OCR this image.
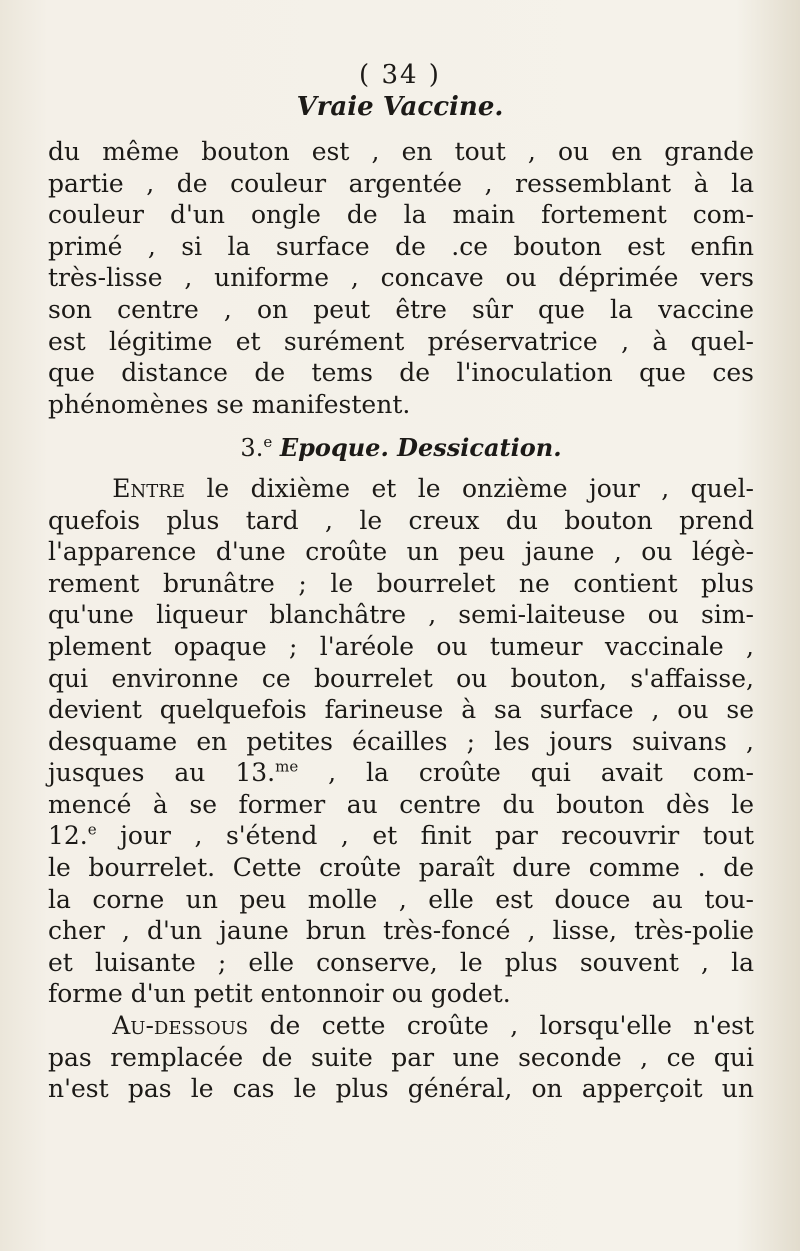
( 34 )
Vraie Vaccine.
du même bouton est , en tout , ou en grande
partie , de couleur argentée , ressemblant à la
couleur d'un ongle de la main fortement com-
primé , si la surface de .ce bouton est enfin
très-lisse , uniforme , concave ou déprimée vers
son centre , on peut être sûr que la vaccine
est légitime et surément préservatrice , à quel-
que distance de tems de l'inoculation que ces
phénomènes se manifestent.
3.$^e$ Epoque. Dessication.
Entre le dixième et le onzième jour , quel-
quefois plus tard , le creux du bouton prend
l'apparence d'une croûte un peu jaune , ou légè-
rement brunâtre ; le bourrelet ne contient plus
qu'une liqueur blanchâtre , semi-laiteuse ou sim-
plement opaque ; l'aréole ou tumeur vaccinale ,
qui environne ce bourrelet ou bouton, s'affaisse,
devient quelquefois farineuse à sa surface , ou se
desquame en petites écailles ; les jours suivans ,
jusques au 13.$^{me}$ , la croûte qui avait com-
mencé à se former au centre du bouton dès le
12.$^e$ jour , s'étend , et finit par recouvrir tout
le bourrelet. Cette croûte paraît dure comme . de
la corne un peu molle , elle est douce au tou-
cher , d'un jaune brun très-foncé , lisse, très-polie
et luisante ; elle conserve, le plus souvent , la
forme d'un petit entonnoir ou godet.
Au-dessous de cette croûte , lorsqu'elle n'est
pas remplacée de suite par une seconde , ce qui
n'est pas le cas le plus général, on apperçoit un
